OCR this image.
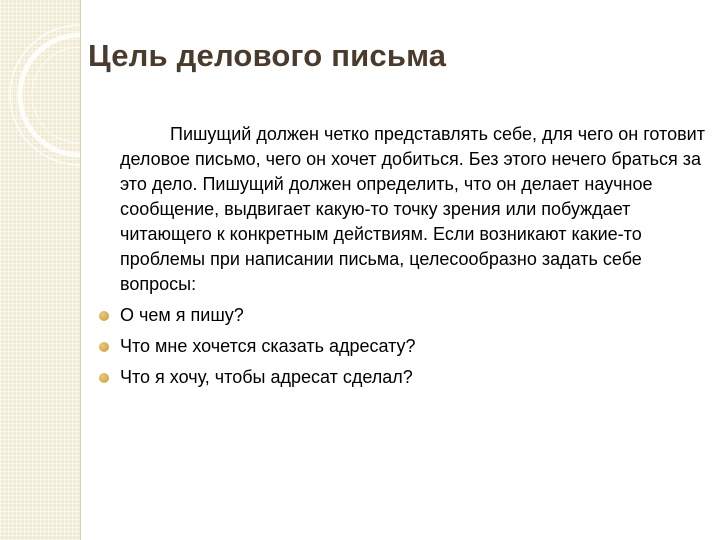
Цель делового письма

Пишущий должен четко представлять себе, для чего он готовит деловое письмо, чего он хочет добиться. Без этого нечего браться за это дело. Пишущий должен определить, что он делает научное сообщение, выдвигает какую-то точку зрения или побуждает читающего к конкретным действиям. Если возникают какие-то проблемы при написании письма, целесообразно задать себе вопросы:

О чем я пишу?
Что мне хочется сказать адресату?
Что я хочу, чтобы адресат сделал?
